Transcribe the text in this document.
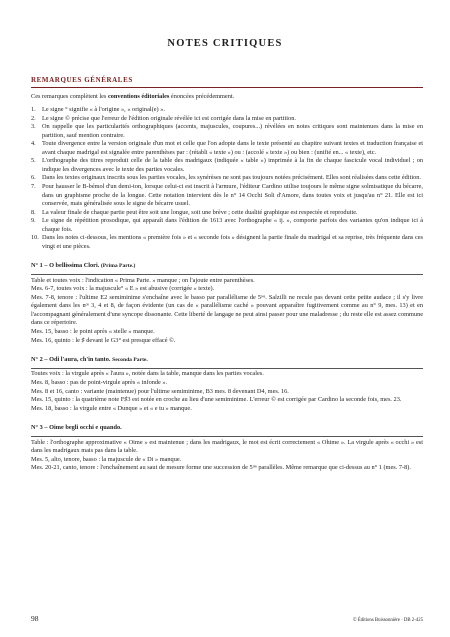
NOTES CRITIQUES
REMARQUES GÉNÉRALES

Ces remarques complètent les conventions éditoriales énoncées précédemment.

1. Le signe ° signifie « à l'origine », « original(e) ».
2. Le signe © précise que l'erreur de l'édition originale révélée ici est corrigée dans la mise en partition.
3. On rappelle que les particularités orthographiques (accents, majuscules, coupures...) révélées en notes critiques sont maintenues dans la mise en partition, sauf mention contraire.
4. Toute divergence entre la version originale d'un mot et celle que l'on adopte dans le texte présenté au chapitre suivant textes et traduction française et avant chaque madrigal est signalée entre parenthèses par : (rétabli « texte ») ou : (accolé « texte ») ou bien : (unifié en... « texte), etc.
5. L'orthographe des titres reproduit celle de la table des madrigaux (indiquée « table ») imprimée à la fin de chaque fascicule vocal individuel ; on indique les divergences avec le texte des parties vocales.
6. Dans les textes originaux inscrits sous les parties vocales, les synérèses ne sont pas toujours notées précisément. Elles sont réalisées dans cette édition.
7. Pour hausser le B-bémol d'un demi-ton, lorsque celui-ci est inscrit à l'armure, l'éditeur Cardino utilise toujours le même signe solmisatique du bécarre, dans un graphisme proche de la longue. Cette notation intervient dès le n° 14 Occhi Soli d'Amore, dans toutes voix et jusqu'au n° 21. Elle est ici conservée, mais généralisée sous le signe de bécarre usuel.
8. La valeur finale de chaque partie peut être soit une longue, soit une brève ; cette dualité graphique est respectée et reproduite.
9. Le signe de répétition prosodique, qui apparaît dans l'édition de 1613 avec l'orthographe « ij. », comporte parfois des variantes qu'on indique ici à chaque fois.
10. Dans les notes ci-dessous, les mentions « première fois » et « seconde fois » désignent la partie finale du madrigal et sa reprise, très fréquente dans ces vingt et une pièces.
N° 1 – O bellissima Clori. (Prima Parte.)

Table et toutes voix : l'indication « Prima Parte. » manque ; on l'ajoute entre parenthèses.

Mes. 6-7, toutes voix : la majuscule° « E » est abusive (corrigée « texte).

Mes. 7-8, tenore : l'ultime E2 semiminime s'enchaîne avec le basso par parallélisme de 5ᵗᵉˢ. Salzilli ne recule pas devant cette petite audace ; il s'y livre également dans les nᵒˢ 3, 4 et 8, de façon évidente (un cas de « parallélisme caché » pouvant apparaître fugitivement comme au n° 9, mes. 13) et en l'accompagnant généralement d'une syncope dissonante. Cette liberté de langage ne peut ainsi passer pour une maladresse ; du reste elle est assez commune dans ce répertoire.

Mes. 15, basso : le point après « stelle » manque.

Mes. 16, quinto : le ♯ devant le G3° est presque effacé ©.

N° 2 – Odi l'aura, ch'in tanto. Seconda Parte.

Toutes voix : la virgule après « l'aura », notée dans la table, manque dans les parties vocales.

Mes. 8, basso : pas de point-virgule après « infonde ».

Mes. 8 et 16, canto : variante (maintenue) pour l'ultime semiminime, B3 mes. 8 devenant D4, mes. 16.

Mes. 15, quinto : la quatrième note F♯3 est notée en croche au lieu d'une semiminime. L'erreur © est corrigée par Cardino la seconde fois, mes. 23.

Mes. 18, basso : la virgule entre « Dunque » et « e tu » manque.

N° 3 – Oime begli occhi e quando.

Table : l'orthographe approximative « Oime » est maintenue ; dans les madrigaux, le mot est écrit correctement « Ohime ». La virgule après « occhi » est dans les madrigaux mais pas dans la table.

Mes. 5, alto, tenore, basso : la majuscule de « Di » manque.

Mes. 20-21, canto, tenore : l'enchaînement au saut de mesure forme une succession de 5ᵗᵉˢ parallèles. Même remarque que ci-dessus au n° 1 (mes. 7-8).

98	© Éditions Buissonnière · DB 2-425
